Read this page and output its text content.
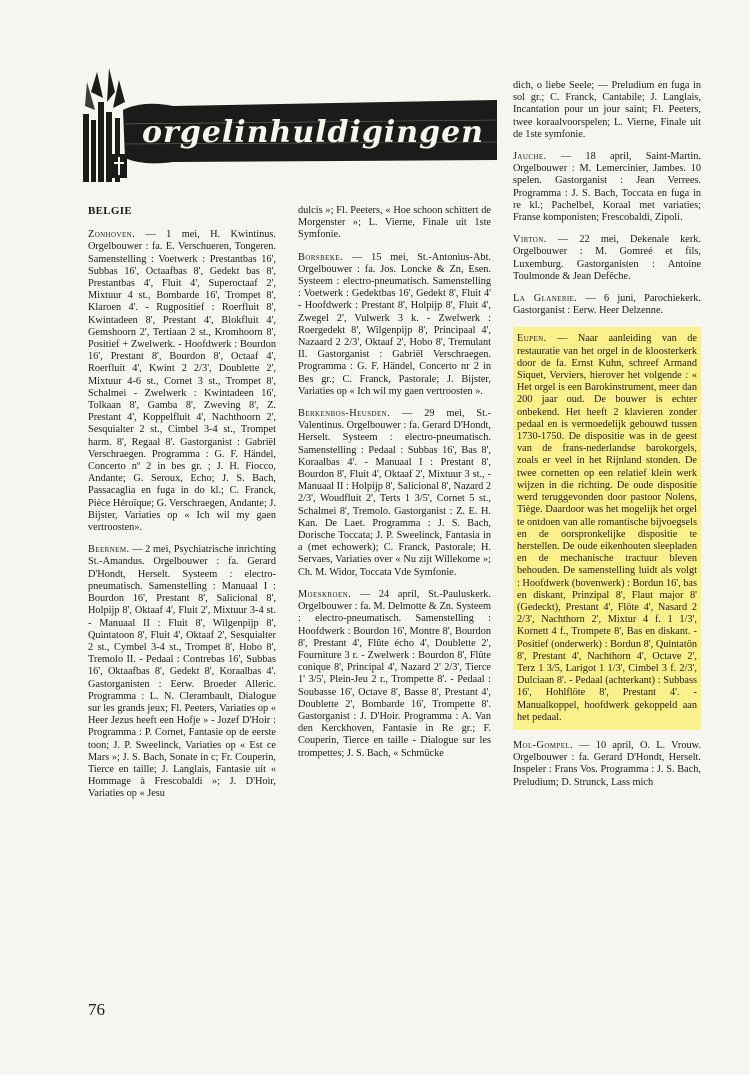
orgelinhuldigingen
BELGIE

Zonhoven. — 1 mei, H. Kwintinus. Orgelbouwer : fa. E. Verschueren, Tongeren. Samenstelling : Voetwerk : Prestantbas 16', Subbas 16', Octaafbas 8', Gedekt bas 8', Prestantbas 4', Fluit 4', Superoctaaf 2', Mixtuur 4 st., Bombarde 16', Trompet 8', Klaroen 4'. - Rugpositief : Roerfluit 8', Kwintadeen 8', Prestant 4', Blokfluit 4', Gemshoorn 2', Tertiaan 2 st., Kromhoorn 8', Positief + Zwelwerk. - Hoofdwerk : Bourdon 16', Prestant 8', Bourdon 8', Octaaf 4', Roerfluit 4', Kwint 2 2/3', Doublette 2', Mixtuur 4-6 st., Cornet 3 st., Trompet 8', Schalmei - Zwelwerk : Kwintadeen 16', Tolkaan 8', Gamba 8', Zweving 8', Z. Prestant 4', Koppelfluit 4', Nachthoorn 2', Sesquialter 2 st., Cimbel 3-4 st., Trompet harm. 8', Regaal 8'. Gastorganist : Gabriël Verschraegen. Programma : G. F. Händel, Concerto nº 2 in bes gr. ; J. H. Fiocco, Andante; G. Seroux, Echo; J. S. Bach, Passacaglia en fuga in do kl.; C. Franck, Pièce Héroïque; G. Verschraegen, Andante; J. Bijster, Variaties op « Ich wil my gaen vertroosten».

Beernem. — 2 mei, Psychiatrische inrichting St.-Amandus. Orgelbouwer : fa. Gerard D'Hondt, Herselt. Systeem : electro-pneumatisch. Samenstelling : Manuaal I : Bourdon 16', Prestant 8', Salicional 8', Holpijp 8', Oktaaf 4', Fluit 2', Mixtuur 3-4 st. - Manuaal II : Fluit 8', Wilgenpijp 8', Quintatoon 8', Fluit 4', Oktaaf 2', Sesquialter 2 st., Cymbel 3-4 st., Trompet 8', Hobo 8', Tremolo II. - Pedaal : Contrebas 16', Subbas 16', Oktaafbas 8', Gedekt 8', Koraalbas 4'. Gastorganisten : Eerw. Broeder Alleric. Programma : L. N. Clerambault, Dialogue sur les grands jeux; Fl. Peeters, Variaties op « Heer Jezus heeft een Hofje » - Jozef D'Hoir : Programma : P. Cornet, Fantasie op de eerste toon; J. P. Sweelinck, Variaties op « Est ce Mars »; J. S. Bach, Sonate in c; Fr. Couperin, Tierce en taille; J. Langlais, Fantasie uit « Hommage à Frescobaldi »; J. D'Hoir, Variaties op « Jesu

dulcis »; Fl. Peeters, « Hoe schoon schittert de Morgenster »; L. Vierne, Finale uit 1ste Symfonie.

Borsbeke. — 15 mei, St.-Antonius-Abt. Orgelbouwer : fa. Jos. Loncke & Zn, Esen. Systeem : electro-pneumatisch. Samenstelling : Voetwerk : Gedektbas 16', Gedekt 8', Fluit 4' - Hoofdwerk : Prestant 8', Holpijp 8', Fluit 4', Zwegel 2', Vulwerk 3 k. - Zwelwerk : Roergedekt 8', Wilgenpijp 8', Principaal 4', Nazaard 2 2/3', Oktaaf 2', Hobo 8', Tremulant II. Gastorganist : Gabriël Verschraegen. Programma : G. F. Händel, Concerto nr 2 in Bes gr.; C. Franck, Pastorale; J. Bijster, Variaties op « Ich wil my gaen vertroosten ».

Berkenbos-Heusden. — 29 mei, St.-Valentinus. Orgelbouwer : fa. Gerard D'Hondt, Herselt. Systeem : electro-pneumatisch. Samenstelling : Pedaal : Subbas 16', Bas 8', Koraalbas 4'. - Manuaal I : Prestant 8', Bourdon 8', Fluit 4', Oktaaf 2', Mixtuur 3 st., - Manuaal II : Holpijp 8', Salicional 8', Nazard 2 2/3', Woudfluit 2', Terts 1 3/5', Cornet 5 st., Schalmei 8', Tremolo. Gastorganist : Z. E. H. Kan. De Laet. Programma : J. S. Bach, Dorische Toccata; J. P. Sweelinck, Fantasia in a (met echowerk); C. Franck, Pastorale; H. Servaes, Variaties over « Nu zijt Willekome »; Ch. M. Widor, Toccata Vde Symfonie.

Moeskroen. — 24 april, St.-Pauluskerk. Orgelbouwer : fa. M. Delmotte & Zn. Systeem : electro-pneumatisch. Samenstelling : Hoofdwerk : Bourdon 16', Montre 8', Bourdon 8', Prestant 4', Flûte écho 4', Doublette 2', Fourniture 3 r. - Zwelwerk : Bourdon 8', Flûte conique 8', Principal 4', Nazard 2' 2/3', Tierce 1' 3/5', Plein-Jeu 2 r., Trompette 8'. - Pedaal : Soubasse 16', Octave 8', Basse 8', Prestant 4', Doublette 2', Bombarde 16', Trompette 8'. Gastorganist : J. D'Hoir. Programma : A. Van den Kerckhoven, Fantasie in Re gr.; F. Couperin, Tierce en taille - Dialogue sur les trompettes; J. S. Bach, « Schmücke

dich, o liebe Seele; — Preludium en fuga in sol gr.; C. Franck, Cantabile; J. Langlais, Incantation pour un jour saint; Fl. Peeters, twee koraalvoorspelen; L. Vierne, Finale uit de 1ste symfonie.

Jauche. — 18 april, Saint-Martin. Orgelbouwer : M. Lemercinier, Jambes. 10 spelen. Gastorganist : Jean Verrees. Programma : J. S. Bach, Toccata en fuga in re kl.; Pachelbel, Koraal met variaties; Franse komponisten; Frescobaldi, Zipoli.

Virton. — 22 mei, Dekenale kerk. Orgelbouwer : M. Gomreé et fils, Luxemburg. Gastorganisten : Antoine Toulmonde & Jean Defêche.

La Glanerie. — 6 juni, Parochiekerk. Gastorganist : Eerw. Heer Delzenne.

Eupen. — Naar aanleiding van de restauratie van het orgel in de kloosterkerk door de fa. Ernst Kuhn, schreef Armand Siquet, Verviers, hierover het volgende : « Het orgel is een Barokinstrument, meer dan 200 jaar oud. De bouwer is echter onbekend. Het heeft 2 klavieren zonder pedaal en is vermoedelijk gebouwd tussen 1730-1750. De dispositie was in de geest van de frans-nederlandse barokorgels, zoals er veel in het Rijnland stonden. De twee cornetten op een relatief klein werk wijzen in die richting. De oude dispositie werd teruggevonden door pastoor Nolens, Tiège. Daardoor was het mogelijk het orgel te ontdoen van alle romantische bijvoegsels en de oorspronkelijke dispositie te herstellen. De oude eikenhouten sleepladen en de mechanische tractuur bleven behouden. De samenstelling luidt als volgt : Hoofdwerk (bovenwerk) : Bordun 16', bas en diskant, Prinzipal 8', Flaut major 8' (Gedeckt), Prestant 4', Flöte 4', Nasard 2 2/3', Nachthorn 2', Mixtur 4 f. 1 1/3', Kornett 4 f., Trompete 8', Bas en diskant. - Positief (onderwerk) : Bordun 8', Quintatön 8', Prestant 4', Nachthorn 4', Octave 2', Terz 1 3/5, Larigot 1 1/3', Cimbel 3 f. 2/3', Dulciaan 8'. - Pedaal (achterkant) : Subbass 16', Hohlflöte 8', Prestant 4'. - Manualkoppel, hoofdwerk gekoppeld aan het pedaal.

Mol-Gompel. — 10 april, O. L. Vrouw. Orgelbouwer : fa. Gerard D'Hondt, Herselt. Inspeler : Frans Vos. Programma : J. S. Bach, Preludium; D. Strunck, Lass mich

76
